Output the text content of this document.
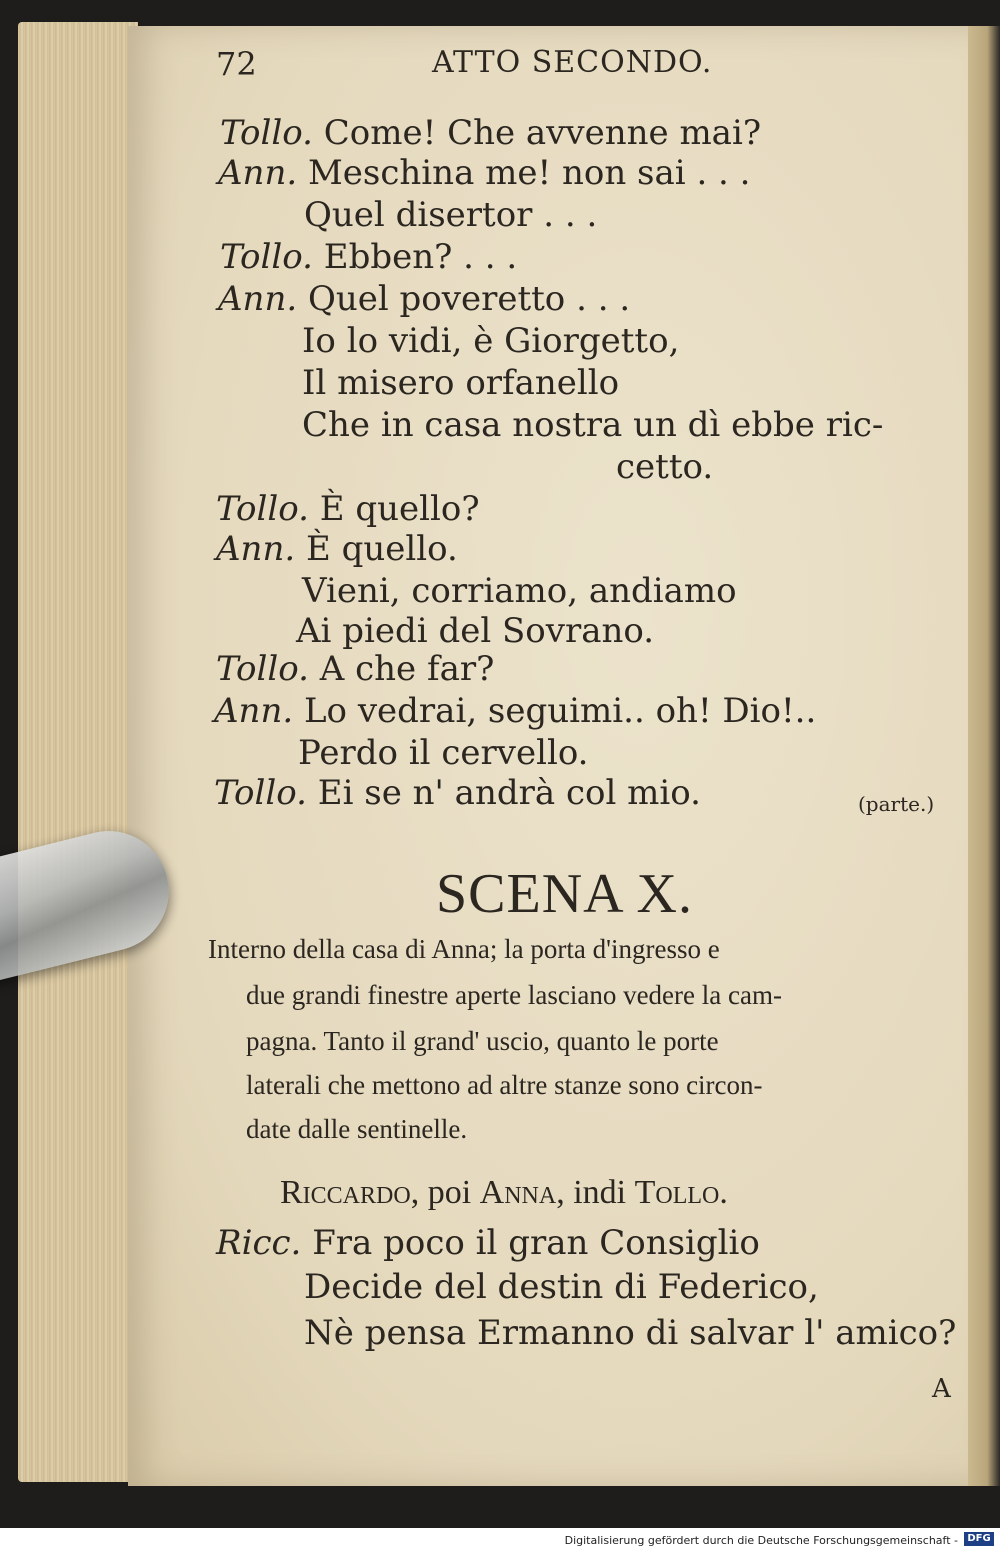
72	ATTO SECONDO.
Tollo. Come! Che avvenne mai?
Ann. Meschina me! non sai . . .
Quel disertor . . .
Tollo. Ebben? . . .
Ann. Quel poveretto . . .
Io lo vidi, è Giorgetto,
Il misero orfanello
Che in casa nostra un dì ebbe ric-
cetto.
Tollo. È quello?
Ann. È quello.
Vieni, corriamo, andiamo
Ai piedi del Sovrano.
Tollo. A che far?
Ann. Lo vedrai, seguimi.. oh! Dio!..
Perdo il cervello.
Tollo. Ei se n' andrà col mio.	(parte.)
SCENA X.
Interno della casa di Anna; la porta d'ingresso e
due grandi finestre aperte lasciano vedere la cam-
pagna. Tanto il grand' uscio, quanto le porte
laterali che mettono ad altre stanze sono circon-
date dalle sentinelle.
Riccardo, poi Anna, indi Tollo.
Ricc. Fra poco il gran Consiglio
Decide del destin di Federico,
Nè pensa Ermanno di salvar l' amico?
A
Digitalisierung gefördert durch die Deutsche Forschungsgemeinschaft - DFG
